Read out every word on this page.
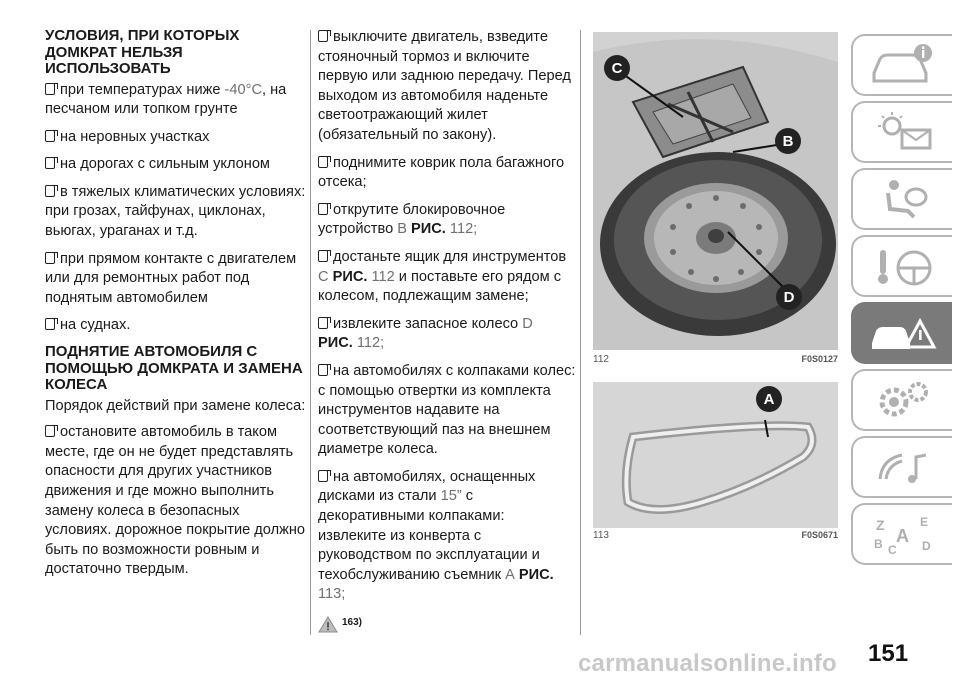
УСЛОВИЯ, ПРИ КОТОРЫХ ДОМКРАТ НЕЛЬЗЯ ИСПОЛЬЗОВАТЬ
при температурах ниже -40°C, на песчаном или топком грунте
на неровных участках
на дорогах с сильным уклоном
в тяжелых климатических условиях: при грозах, тайфунах, циклонах, вьюгах, ураганах и т.д.
при прямом контакте с двигателем или для ремонтных работ под поднятым автомобилем
на суднах.
ПОДНЯТИЕ АВТОМОБИЛЯ С ПОМОЩЬЮ ДОМКРАТА И ЗАМЕНА КОЛЕСА

Порядок действий при замене колеса:

остановите автомобиль в таком месте, где он не будет представлять опасности для других участников движения и где можно выполнить замену колеса в безопасных условиях. дорожное покрытие должно быть по возможности ровным и достаточно твердым.
выключите двигатель, взведите стояночный тормоз и включите первую или заднюю передачу. Перед выходом из автомобиля наденьте светоотражающий жилет (обязательный по закону).
поднимите коврик пола багажного отсека;
открутите блокировочное устройство B РИС. 112;
достаньте ящик для инструментов C РИС. 112 и поставьте его рядом с колесом, подлежащим замене;
извлеките запасное колесо D
РИС. 112;
на автомобилях с колпаками колес: с помощью отвертки из комплекта инструментов надавите на соответствующий паз на внешнем диаметре колеса.
на автомобилях, оснащенных дисками из стали 15” с декоративными колпаками: извлеките из конверта с руководством по эксплуатации и техобслуживанию съемник A РИС.
113;
163)
C
B
D
112	F0S0127
A
113	F0S0671
Z	E
A
B C D
151
carmanualsonline.info
